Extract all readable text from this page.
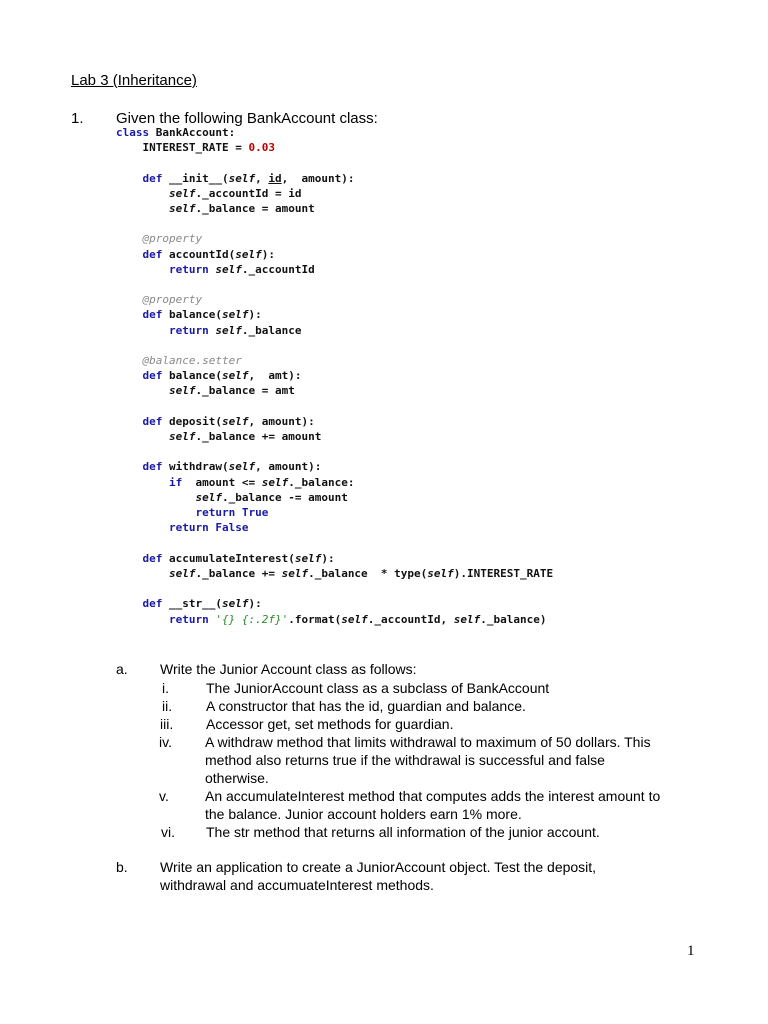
Lab 3 (Inheritance)
1. Given the following BankAccount class:
class BankAccount:
INTEREST_RATE = 0.03

def __init__(self, id,  amount):
self._accountId = id
self._balance = amount

@property
def accountId(self):
return self._accountId

@property
def balance(self):
return self._balance

@balance.setter
def balance(self,  amt):
self._balance = amt

def deposit(self, amount):
self._balance += amount

def withdraw(self, amount):
if  amount <= self._balance:
self._balance -= amount
return True
return False

def accumulateInterest(self):
self._balance += self._balance  * type(self).INTEREST_RATE

def __str__(self):
return '{} {:.2f}'.format(self._accountId, self._balance)
a. Write the Junior Account class as follows:
i.	The JuniorAccount class as a subclass of BankAccount
ii. A constructor that has the id, guardian and balance.
iii. Accessor get, set methods for guardian.
iv. A withdraw method that limits withdrawal to maximum of 50 dollars. This
method also returns true if the withdrawal is successful and false
otherwise.
v.	An accumulateInterest method that computes adds the interest amount to
the balance. Junior account holders earn 1% more.
vi. The str method that returns all information of the junior account.
b. Write an application to create a JuniorAccount object. Test the deposit,
withdrawal and accumuateInterest methods.
1
